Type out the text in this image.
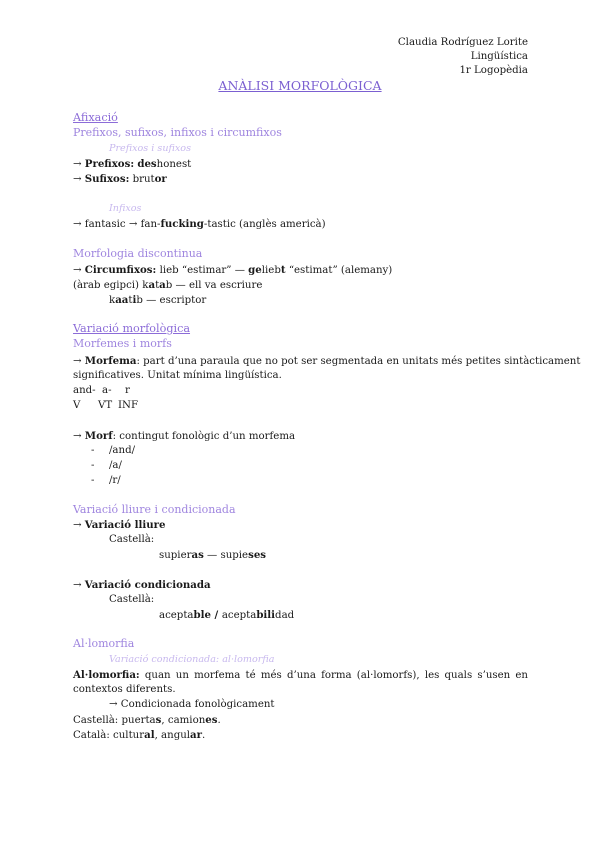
Claudia Rodríguez Lorite
Lingüística
1r Logopèdia
ANÀLISI MORFOLÒGICA
Afixació
Prefixos, sufixos, infixos i circumfixos
Prefixos i sufixos
→ Prefixos: deshonest
→ Sufixos: brutor
Infixos
→ fantasic → fan-fucking-tastic (anglès americà)
Morfologia discontinua
→ Circumfixos: lieb “estimar” — geliebt “estimat” (alemany)
(àrab egipci) katab — ell va escriure
kaatib — escriptor
Variació morfològica
Morfemes i morfs
→ Morfema: part d’una paraula que no pot ser segmentada en unitats més petites sintàcticament
significatives. Unitat mínima lingüística.
and- a- r
V VT INF
→ Morf: contingut fonològic d’un morfema
- /and/
- /a/
- /r/
Variació lliure i condicionada
→ Variació lliure
Castellà:
supieras — supieses
→ Variació condicionada
Castellà:
aceptable / aceptabilidad
Al·lomorfia
Variació condicionada: al·lomorfia
Al·lomorfia: quan un morfema té més d’una forma (al·lomorfs), les quals s’usen en contextos diferents.
→ Condicionada fonològicament
Castellà: puertas, camiones.
Català: cultural, angular.
